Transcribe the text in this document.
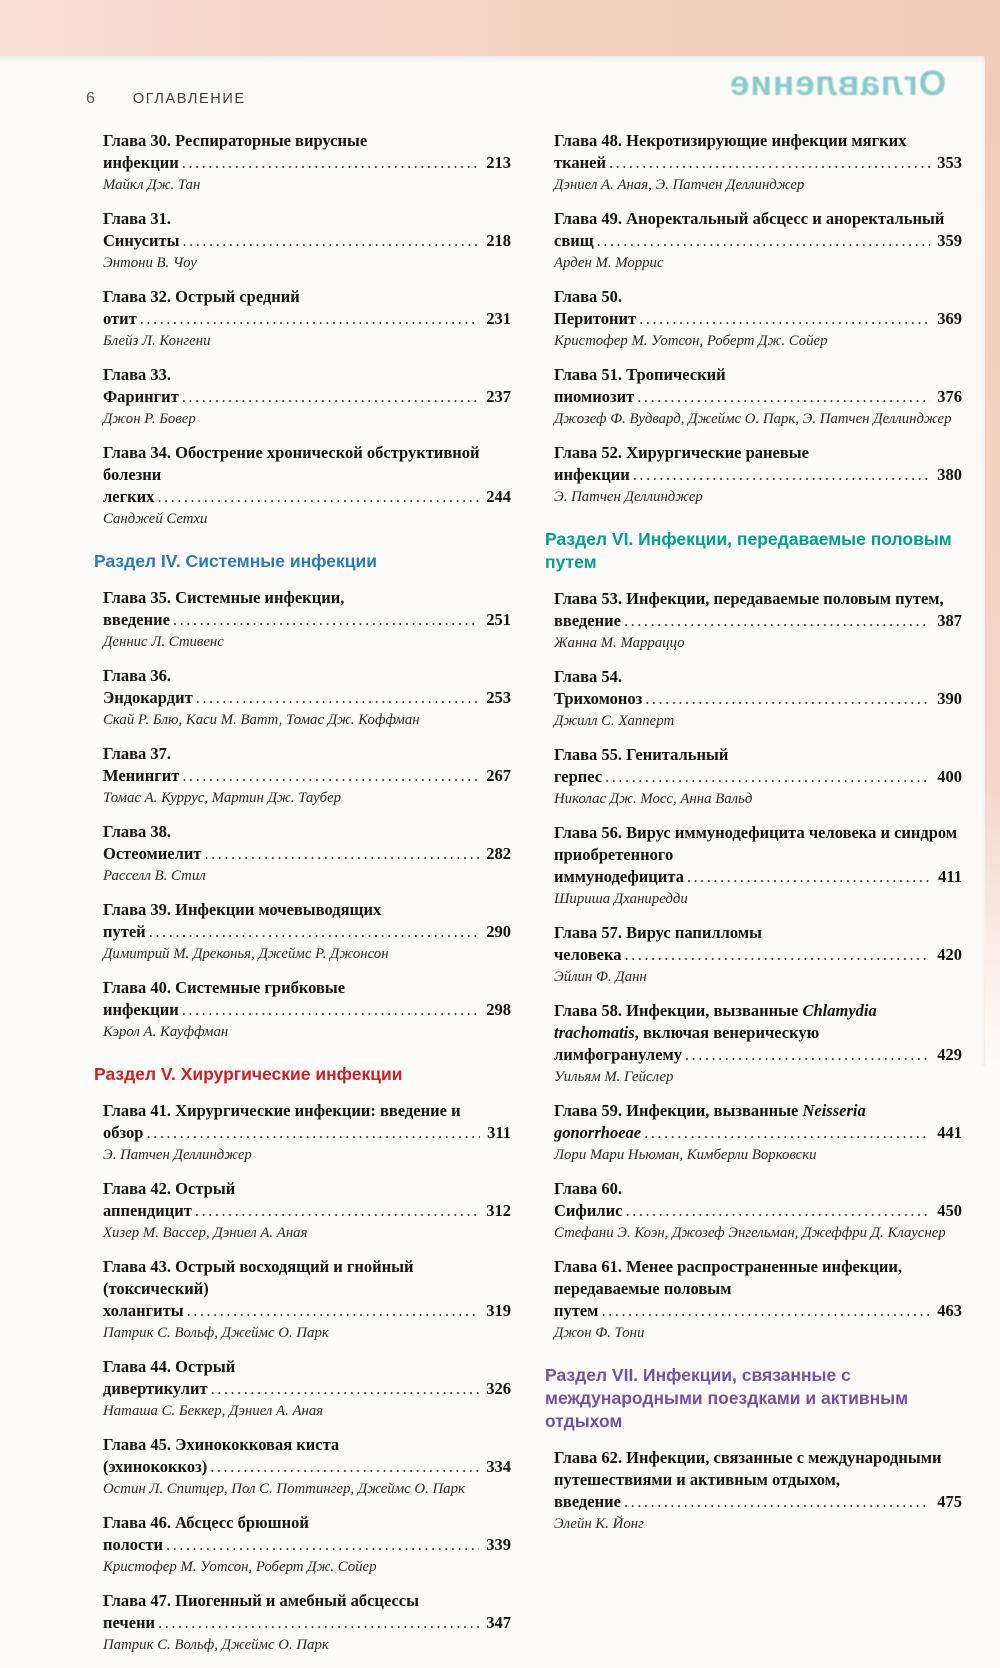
Оглавление
6	ОГЛАВЛЕНИЕ
Глава 30. Респираторные вирусные инфекции .....	213
Майкл Дж. Тан
Глава 31. Синуситы .....	218
Энтони В. Чоу
Глава 32. Острый средний отит .....	231
Блейз Л. Конгени
Глава 33. Фарингит .....	237
Джон Р. Бовер
Глава 34. Обострение хронической обструктивной болезни легких .....	244
Санджей Сетхи
Раздел IV. Системные инфекции
Глава 35. Системные инфекции, введение .....	251
Деннис Л. Стивенс
Глава 36. Эндокардит .....	253
Скай Р. Блю, Каси М. Ватт, Томас Дж. Коффман
Глава 37. Менингит .....	267
Томас А. Куррус, Мартин Дж. Таубер
Глава 38. Остеомиелит .....	282
Расселл В. Стил
Глава 39. Инфекции мочевыводящих путей .....	290
Димитрий М. Дреконья, Джеймс Р. Джонсон
Глава 40. Системные грибковые инфекции .....	298
Кэрол А. Кауффман
Раздел V. Хирургические инфекции
Глава 41. Хирургические инфекции: введение и обзор .....	311
Э. Патчен Деллинджер
Глава 42. Острый аппендицит .....	312
Хизер М. Вассер, Дэниел А. Аная
Глава 43. Острый восходящий и гнойный (токсический) холангиты .....	319
Патрик С. Вольф, Джеймс О. Парк
Глава 44. Острый дивертикулит .....	326
Наташа С. Беккер, Дэниел А. Аная
Глава 45. Эхинококковая киста (эхинококкоз) .....	334
Остин Л. Спитцер, Пол С. Поттингер, Джеймс О. Парк
Глава 46. Абсцесс брюшной полости .....	339
Кристофер М. Уотсон, Роберт Дж. Сойер
Глава 47. Пиогенный и амебный абсцессы печени .....	347
Патрик С. Вольф, Джеймс О. Парк
Глава 48. Некротизирующие инфекции мягких тканей .....	353
Дэниел А. Аная, Э. Патчен Деллинджер
Глава 49. Аноректальный абсцесс и аноректальный свищ .....	359
Арден М. Моррис
Глава 50. Перитонит .....	369
Кристофер М. Уотсон, Роберт Дж. Сойер
Глава 51. Тропический пиомиозит .....	376
Джозеф Ф. Вудвард, Джеймс О. Парк, Э. Патчен Деллинджер
Глава 52. Хирургические раневые инфекции .....	380
Э. Патчен Деллинджер
Раздел VI. Инфекции, передаваемые половым путем
Глава 53. Инфекции, передаваемые половым путем, введение .....	387
Жанна М. Марраццо
Глава 54. Трихомоноз .....	390
Джилл С. Хапперт
Глава 55. Генитальный герпес .....	400
Николас Дж. Мосс, Анна Вальд
Глава 56. Вирус иммунодефицита человека и синдром приобретенного иммунодефицита .....	411
Шириша Дханиредди
Глава 57. Вирус папилломы человека .....	420
Эйлин Ф. Данн
Глава 58. Инфекции, вызванные Chlamydia trachomatis, включая венерическую лимфогранулему .....	429
Уильям М. Гейслер
Глава 59. Инфекции, вызванные Neisseria gonorrhoeae .....	441
Лори Мари Ньюман, Кимберли Ворковски
Глава 60. Сифилис .....	450
Стефани Э. Коэн, Джозеф Энгельман, Джеффри Д. Клауснер
Глава 61. Менее распространенные инфекции, передаваемые половым путем .....	463
Джон Ф. Тони
Раздел VII. Инфекции, связанные с международными поездками и активным отдыхом
Глава 62. Инфекции, связанные с международными путешествиями и активным отдыхом, введение .....	475
Элейн К. Йонг
